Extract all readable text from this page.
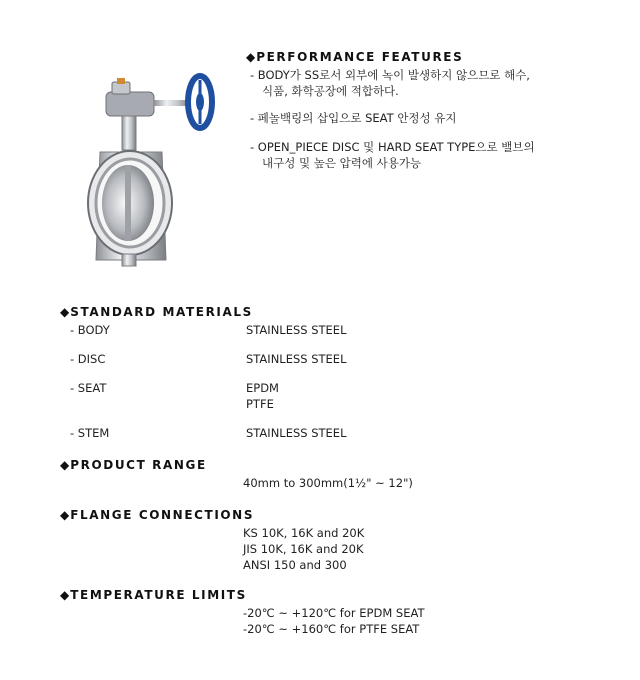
◆PERFORMANCE FEATURES
- BODY가 SS로서 외부에 녹이 발생하지 않으므로 해수,
식품, 화학공장에 적합하다.
- 페놀백링의 삽입으로 SEAT 안정성 유지
- OPEN_PIECE DISC 및 HARD SEAT TYPE으로 밸브의
내구성 및 높은 압력에 사용가능
◆STANDARD MATERIALS
- BODY	STAINLESS STEEL
- DISC	STAINLESS STEEL
- SEAT	EPDM
PTFE
- STEM	STAINLESS STEEL
◆PRODUCT RANGE
40mm to 300mm(1½" ~ 12")
◆FLANGE CONNECTIONS
KS 10K, 16K and 20K
JIS 10K, 16K and 20K
ANSI 150 and 300
◆TEMPERATURE LIMITS
-20℃ ~ +120℃ for EPDM SEAT
-20℃ ~ +160℃ for PTFE SEAT
